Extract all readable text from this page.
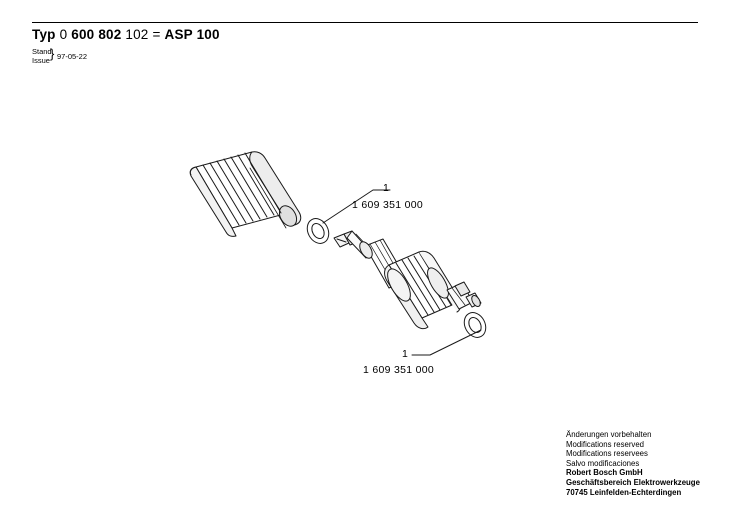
Typ 0 600 802 102 = ASP 100
Stand
Issue } 97-05-22
1
1 609 351 000
1
1 609 351 000
Änderungen vorbehalten
Modifications reserved
Modifications reservees
Salvo modificaciones
Robert Bosch GmbH
Geschäftsbereich Elektrowerkzeuge
70745 Leinfelden-Echterdingen
